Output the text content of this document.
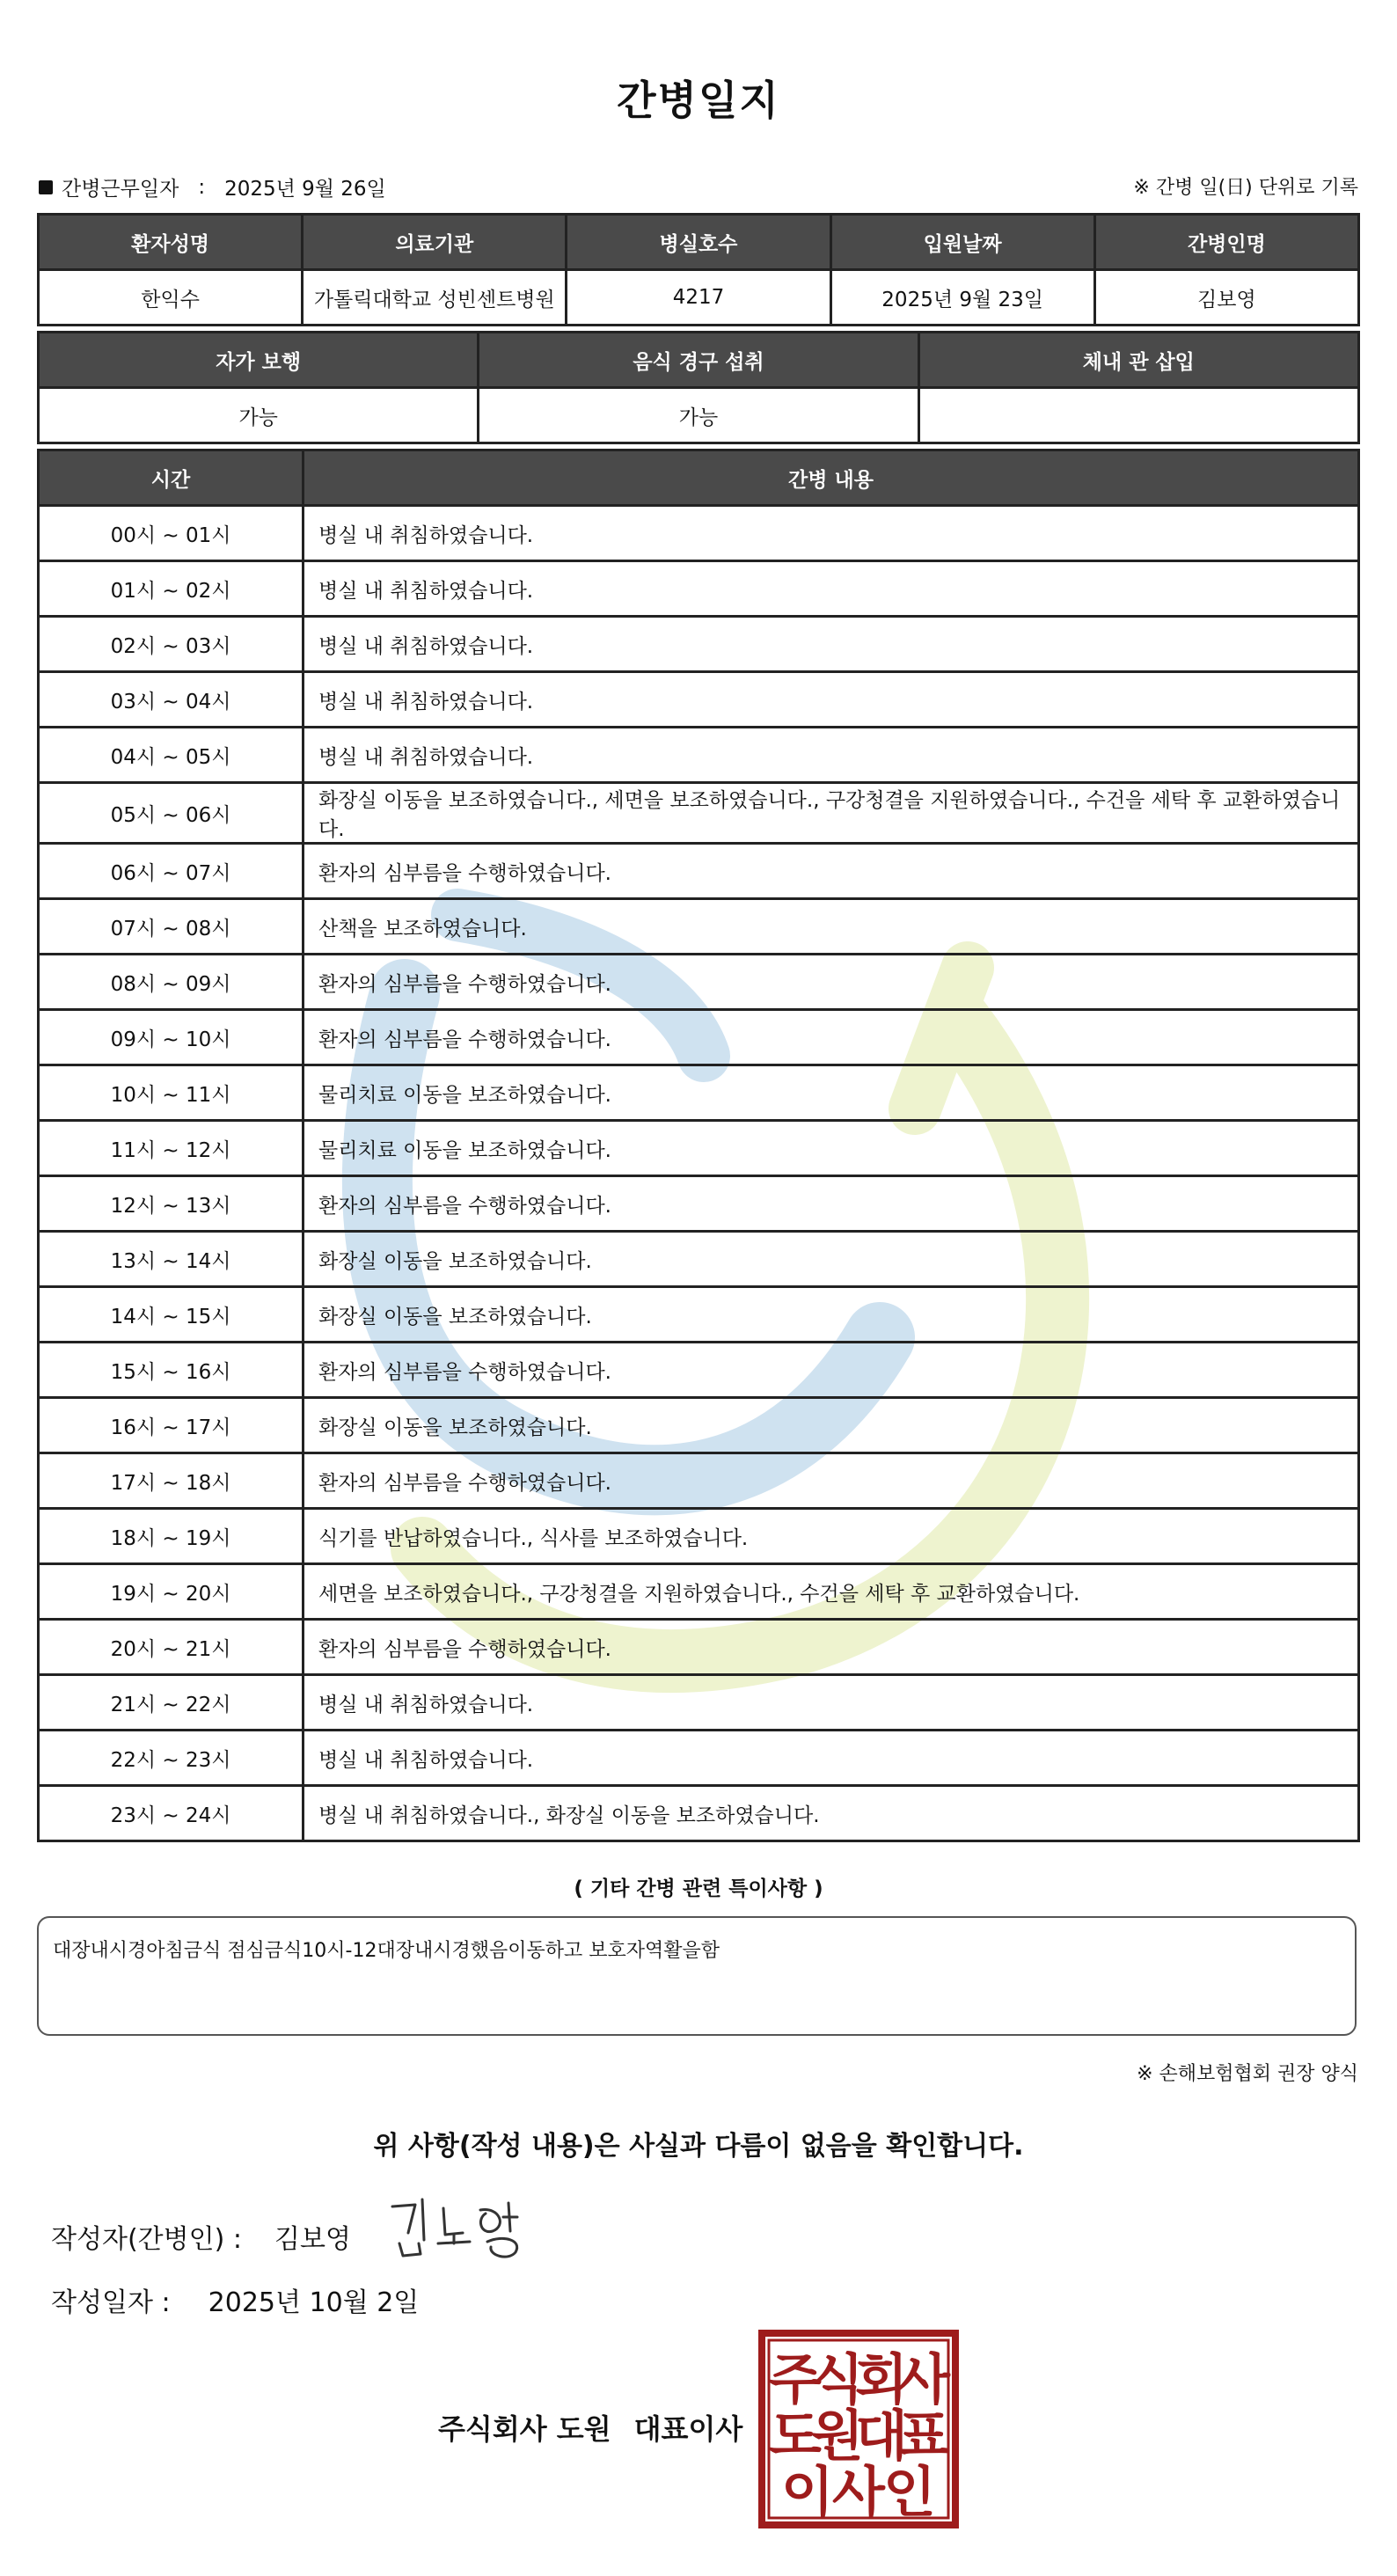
간병일지
간병근무일자 : 2025년 9월 26일	※ 간병 일(日) 단위로 기록
환자성명	의료기관	병실호수	입원날짜	간병인명
한익수	가톨릭대학교 성빈센트병원	4217	2025년 9월 23일	김보영
자가 보행	음식 경구 섭취	체내 관 삽입
가능	가능	
시간	간병 내용
00시 ~ 01시	병실 내 취침하였습니다.
01시 ~ 02시	병실 내 취침하였습니다.
02시 ~ 03시	병실 내 취침하였습니다.
03시 ~ 04시	병실 내 취침하였습니다.
04시 ~ 05시	병실 내 취침하였습니다.
05시 ~ 06시	화장실 이동을 보조하였습니다., 세면을 보조하였습니다., 구강청결을 지원하였습니다., 수건을 세탁 후 교환하였습니다.
06시 ~ 07시	환자의 심부름을 수행하였습니다.
07시 ~ 08시	산책을 보조하였습니다.
08시 ~ 09시	환자의 심부름을 수행하였습니다.
09시 ~ 10시	환자의 심부름을 수행하였습니다.
10시 ~ 11시	물리치료 이동을 보조하였습니다.
11시 ~ 12시	물리치료 이동을 보조하였습니다.
12시 ~ 13시	환자의 심부름을 수행하였습니다.
13시 ~ 14시	화장실 이동을 보조하였습니다.
14시 ~ 15시	화장실 이동을 보조하였습니다.
15시 ~ 16시	환자의 심부름을 수행하였습니다.
16시 ~ 17시	화장실 이동을 보조하였습니다.
17시 ~ 18시	환자의 심부름을 수행하였습니다.
18시 ~ 19시	식기를 반납하였습니다., 식사를 보조하였습니다.
19시 ~ 20시	세면을 보조하였습니다., 구강청결을 지원하였습니다., 수건을 세탁 후 교환하였습니다.
20시 ~ 21시	환자의 심부름을 수행하였습니다.
21시 ~ 22시	병실 내 취침하였습니다.
22시 ~ 23시	병실 내 취침하였습니다.
23시 ~ 24시	병실 내 취침하였습니다., 화장실 이동을 보조하였습니다.
( 기타 간병 관련 특이사항 )
대장내시경아침금식 점심금식10시-12대장내시경했음이동하고 보호자역활을함
※ 손해보험협회 권장 양식
위 사항(작성 내용)은 사실과 다름이 없음을 확인합니다.
작성자(간병인) : 김보영
작성일자 : 2025년 10월 2일
주식회사 도원 대표이사
주
식
회
사
도
원
대
표
이
사
인
